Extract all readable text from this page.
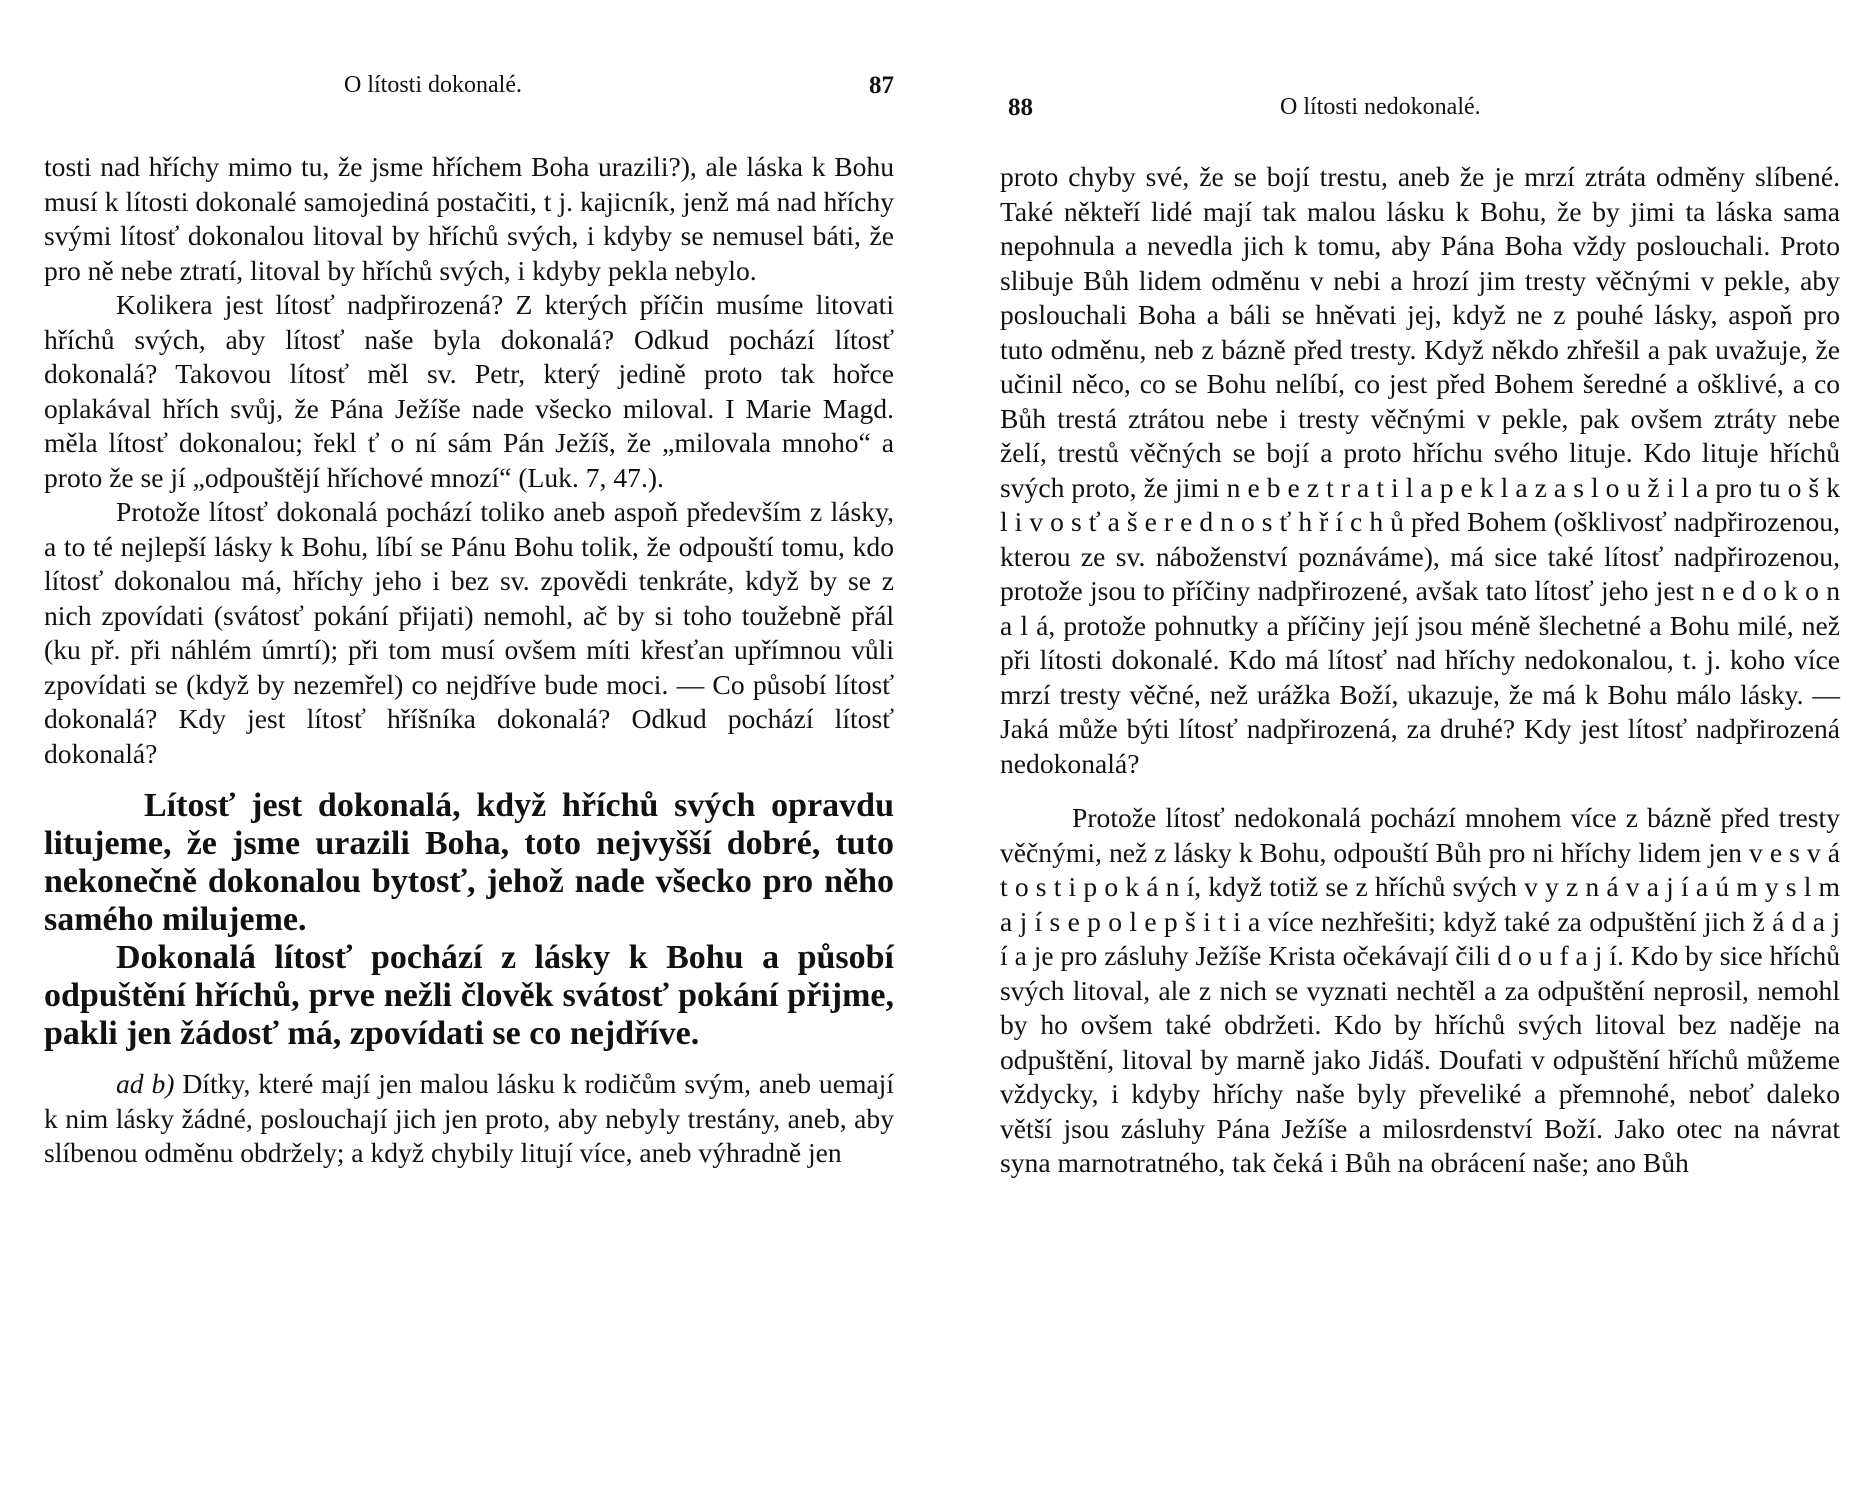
O lítosti dokonalé.	87

tosti nad hříchy mimo tu, že jsme hříchem Boha urazili?), ale láska k Bohu musí k lítosti dokonalé samojediná postačiti, t j. kajicník, jenž má nad hříchy svými lítosť dokonalou litoval by hříchů svých, i kdyby se nemusel báti, že pro ně nebe ztratí, litoval by hříchů svých, i kdyby pekla nebylo.

Kolikera jest lítosť nadpřirozená? Z kterých příčin musíme litovati hříchů svých, aby lítosť naše byla dokonalá? Odkud pochází lítosť dokonalá? Takovou lítosť měl sv. Petr, který jedině proto tak hořce oplakával hřích svůj, že Pána Ježíše nade všecko miloval. I Marie Magd. měla lítosť dokonalou; řekl ť o ní sám Pán Ježíš, že „milovala mnoho“ a proto že se jí „odpouštějí hříchové mnozí“ (Luk. 7, 47.).

Protože lítosť dokonalá pochází toliko aneb aspoň především z lásky, a to té nejlepší lásky k Bohu, líbí se Pánu Bohu tolik, že odpouští tomu, kdo lítosť dokonalou má, hříchy jeho i bez sv. zpovědi tenkráte, když by se z nich zpovídati (svátosť pokání přijati) nemohl, ač by si toho toužebně přál (ku př. při náhlém úmrtí); při tom musí ovšem míti křesťan upřímnou vůli zpovídati se (když by nezemřel) co nejdříve bude moci. — Co působí lítosť dokonalá? Kdy jest lítosť hříšníka dokonalá? Odkud pochází lítosť dokonalá?

Lítosť jest dokonalá, když hříchů svých opravdu litujeme, že jsme urazili Boha, toto nejvyšší dobré, tuto nekonečně dokonalou bytosť, jehož nade všecko pro něho samého milujeme.

Dokonalá lítosť pochází z lásky k Bohu a působí odpuštění hříchů, prve nežli člověk svátosť pokání přijme, pakli jen žádosť má, zpovídati se co nejdříve.

ad b) Dítky, které mají jen malou lásku k rodičům svým, aneb uemají k nim lásky žádné, poslouchají jich jen proto, aby nebyly trestány, aneb, aby slíbenou odměnu obdržely; a když chybily litují více, aneb výhradně jen

88	O lítosti nedokonalé.

proto chyby své, že se bojí trestu, aneb že je mrzí ztráta odměny slíbené. Také někteří lidé mají tak malou lásku k Bohu, že by jimi ta láska sama nepohnula a nevedla jich k tomu, aby Pána Boha vždy poslouchali. Proto slibuje Bůh lidem odměnu v nebi a hrozí jim tresty věčnými v pekle, aby poslouchali Boha a báli se hněvati jej, když ne z pouhé lásky, aspoň pro tuto odměnu, neb z bázně před tresty. Když někdo zhřešil a pak uvažuje, že učinil něco, co se Bohu nelíbí, co jest před Bohem šeredné a ošklivé, a co Bůh trestá ztrátou nebe i tresty věčnými v pekle, pak ovšem ztráty nebe želí, trestů věčných se bojí a proto hříchu svého lituje. Kdo lituje hříchů svých proto, že jimi n e b e z t r a t i l a p e k l a z a s l o u ž i l a pro tu o š k l i v o s ť a š e r e d n o s ť h ř í c h ů před Bohem (ošklivosť nadpřirozenou, kterou ze sv. náboženství poznáváme), má sice také lítosť nadpřirozenou, protože jsou to příčiny nadpřirozené, avšak tato lítosť jeho jest n e d o k o n a l á, protože pohnutky a příčiny její jsou méně šlechetné a Bohu milé, než při lítosti dokonalé. Kdo má lítosť nad hříchy nedokonalou, t. j. koho více mrzí tresty věčné, než urážka Boží, ukazuje, že má k Bohu málo lásky. — Jaká může býti lítosť nadpřirozená, za druhé? Kdy jest lítosť nadpřirozená nedokonalá?

Protože lítosť nedokonalá pochází mnohem více z bázně před tresty věčnými, než z lásky k Bohu, odpouští Bůh pro ni hříchy lidem jen v e s v á t o s t i p o k á n í, když totiž se z hříchů svých v y z n á v a j í a ú m y s l m a j í s e p o l e p š i t i a více nezhřešiti; když také za odpuštění jich ž á d a j í a je pro zásluhy Ježíše Krista očekávají čili d o u f a j í. Kdo by sice hříchů svých litoval, ale z nich se vyznati nechtěl a za odpuštění neprosil, nemohl by ho ovšem také obdržeti. Kdo by hříchů svých litoval bez naděje na odpuštění, litoval by marně jako Jidáš. Doufati v odpuštění hříchů můžeme vždycky, i kdyby hříchy naše byly převeliké a přemnohé, neboť daleko větší jsou zásluhy Pána Ježíše a milosrdenství Boží. Jako otec na návrat syna marnotratného, tak čeká i Bůh na obrácení naše; ano Bůh
